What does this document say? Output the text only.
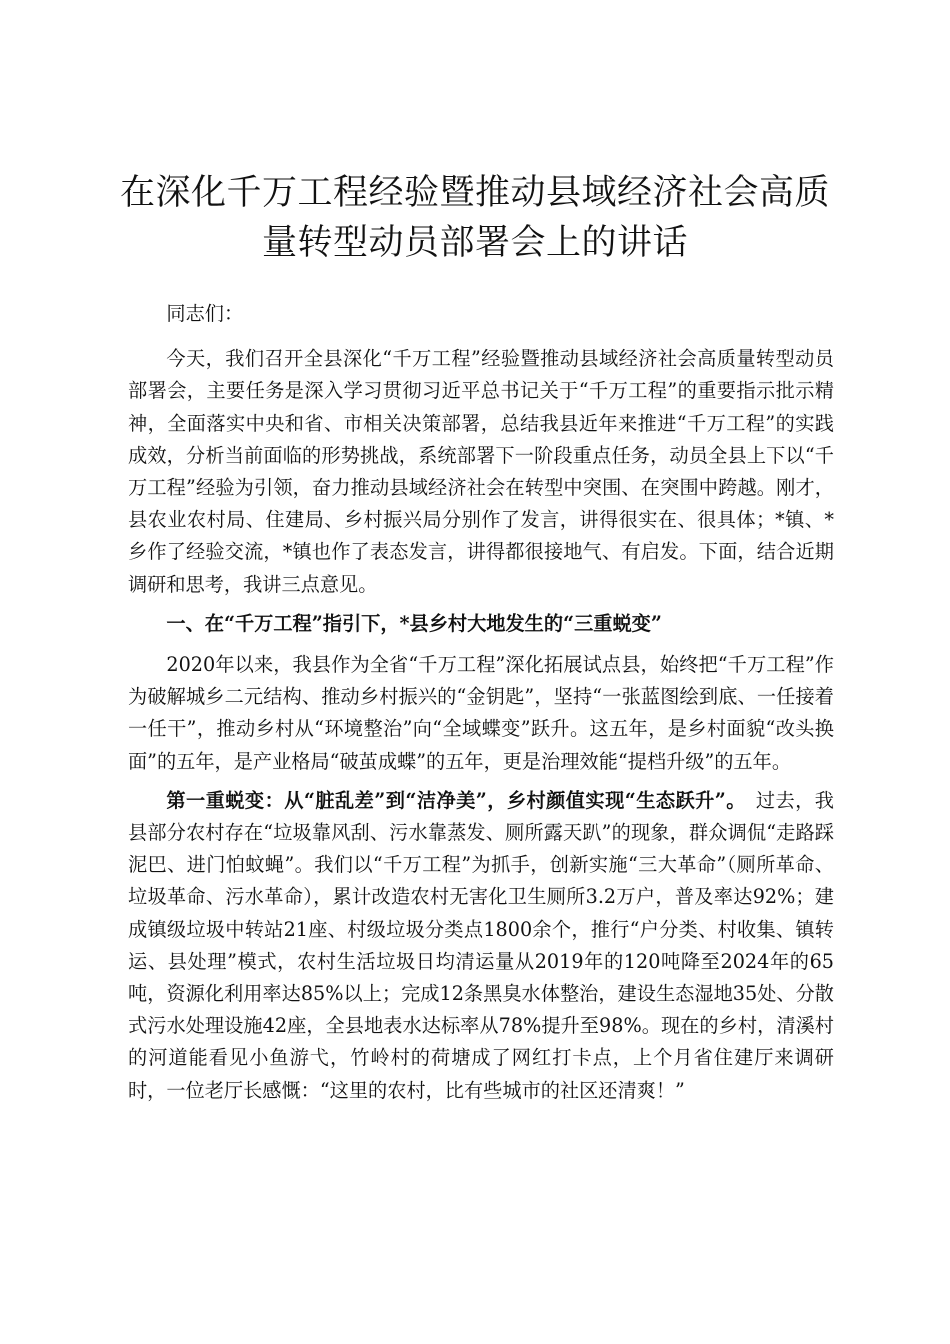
在深化千万工程经验暨推动县域经济社会高质
量转型动员部署会上的讲话

同志们：

今天，我们召开全县深化“千万工程”经验暨推动县域经济社会高质量转型动员部署会，主要任务是深入学习贯彻习近平总书记关于“千万工程”的重要指示批示精神，全面落实中央和省、市相关决策部署，总结我县近年来推进“千万工程”的实践成效，分析当前面临的形势挑战，系统部署下一阶段重点任务，动员全县上下以“千万工程”经验为引领，奋力推动县域经济社会在转型中突围、在突围中跨越。刚才，县农业农村局、住建局、乡村振兴局分别作了发言，讲得很实在、很具体；*镇、*乡作了经验交流，*镇也作了表态发言，讲得都很接地气、有启发。下面，结合近期调研和思考，我讲三点意见。

一、在“千万工程”指引下，*县乡村大地发生的“三重蜕变”

2020年以来，我县作为全省“千万工程”深化拓展试点县，始终把“千万工程”作为破解城乡二元结构、推动乡村振兴的“金钥匙”，坚持“一张蓝图绘到底、一任接着一任干”，推动乡村从“环境整治”向“全域蝶变”跃升。这五年，是乡村面貌“改头换面”的五年，是产业格局“破茧成蝶”的五年，更是治理效能“提档升级”的五年。

第一重蜕变：从“脏乱差”到“洁净美”，乡村颜值实现“生态跃升”。　过去，我县部分农村存在“垃圾靠风刮、污水靠蒸发、厕所露天趴”的现象，群众调侃“走路踩泥巴、进门怕蚊蝇”。我们以“千万工程”为抓手，创新实施“三大革命”（厕所革命、垃圾革命、污水革命），累计改造农村无害化卫生厕所3.2万户，普及率达92%；建成镇级垃圾中转站21座、村级垃圾分类点1800余个，推行“户分类、村收集、镇转运、县处理”模式，农村生活垃圾日均清运量从2019年的120吨降至2024年的65吨，资源化利用率达85%以上；完成12条黑臭水体整治，建设生态湿地35处、分散式污水处理设施42座，全县地表水达标率从78%提升至98%。现在的乡村，清溪村的河道能看见小鱼游弋，竹岭村的荷塘成了网红打卡点，上个月省住建厅来调研时，一位老厅长感慨：“这里的农村，比有些城市的社区还清爽！”
